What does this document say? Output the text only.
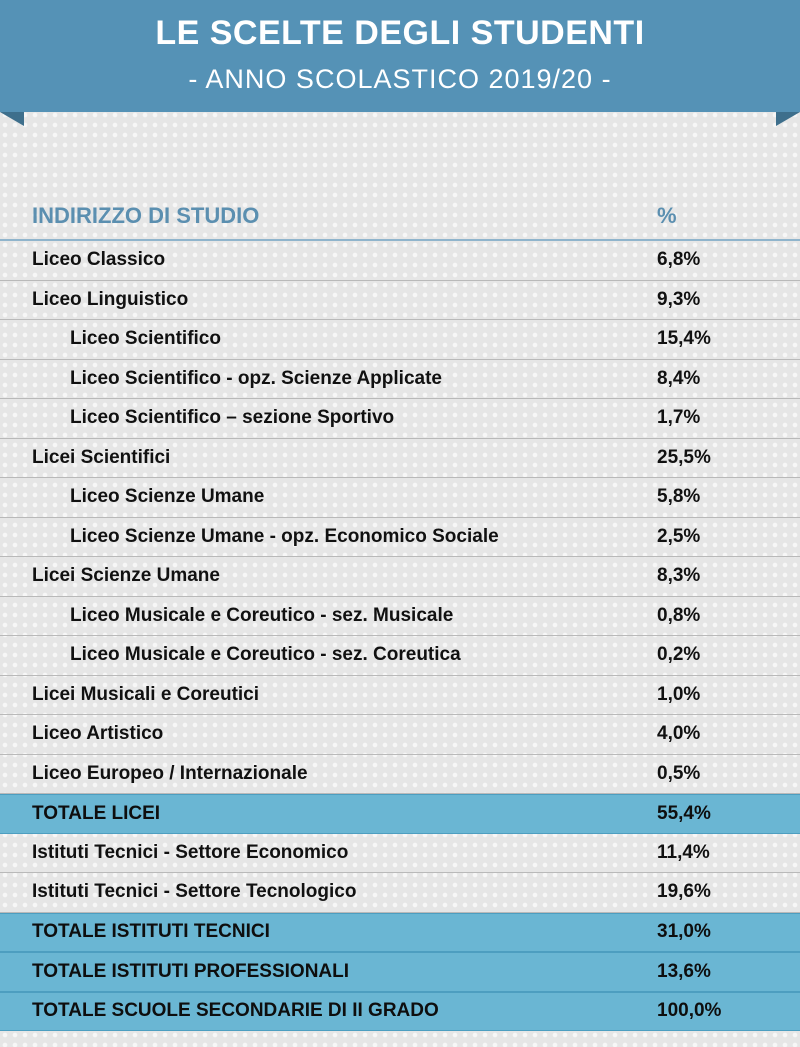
LE SCELTE DEGLI STUDENTI
- ANNO SCOLASTICO 2019/20 -
INDIRIZZO DI STUDIO	%
Liceo Classico	6,8%
Liceo Linguistico	9,3%
Liceo Scientifico	15,4%
Liceo Scientifico - opz. Scienze Applicate	8,4%
Liceo Scientifico – sezione Sportivo	1,7%
Licei Scientifici	25,5%
Liceo Scienze Umane	5,8%
Liceo Scienze Umane - opz. Economico Sociale	2,5%
Licei Scienze Umane	8,3%
Liceo Musicale e Coreutico - sez. Musicale	0,8%
Liceo Musicale e Coreutico - sez. Coreutica	0,2%
Licei Musicali e Coreutici	1,0%
Liceo Artistico	4,0%
Liceo Europeo / Internazionale	0,5%
TOTALE LICEI	55,4%
Istituti Tecnici - Settore Economico	11,4%
Istituti Tecnici - Settore Tecnologico	19,6%
TOTALE ISTITUTI TECNICI	31,0%
TOTALE ISTITUTI PROFESSIONALI	13,6%
TOTALE SCUOLE SECONDARIE DI II GRADO	100,0%
